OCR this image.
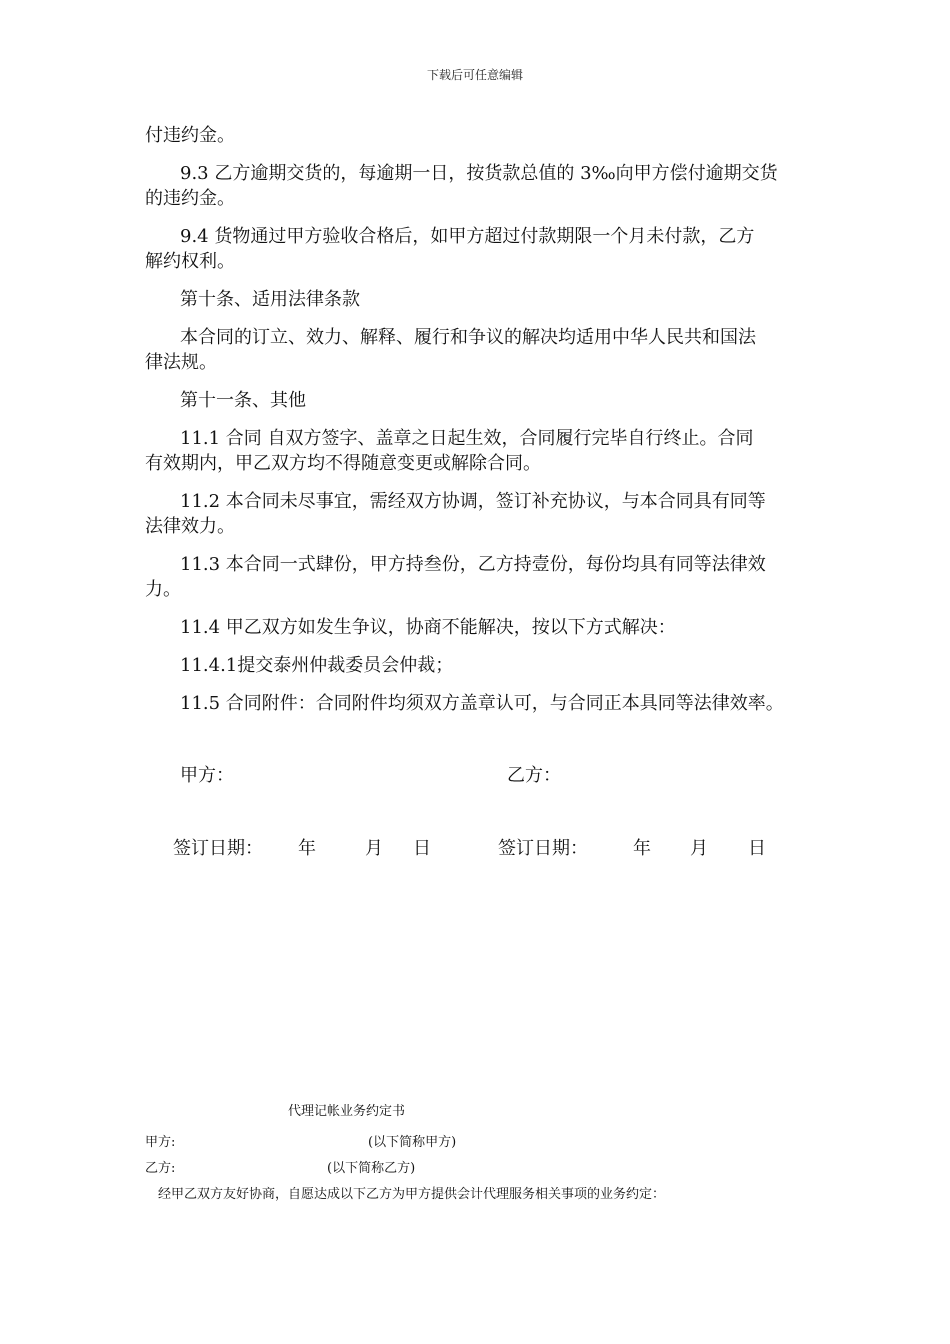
下载后可任意编辑

付违约金。

9.3 乙方逾期交货的，每逾期一日，按货款总值的 3‰向甲方偿付逾期交货

的违约金。

9.4 货物通过甲方验收合格后，如甲方超过付款期限一个月未付款，乙方

解约权利。

第十条、适用法律条款

本合同的订立、效力、解释、履行和争议的解决均适用中华人民共和国法

律法规。

第十一条、其他

11.1 合同 自双方签字、盖章之日起生效，合同履行完毕自行终止。合同

有效期内，甲乙双方均不得随意变更或解除合同。

11.2 本合同未尽事宜，需经双方协调，签订补充协议，与本合同具有同等

法律效力。

11.3 本合同一式肆份，甲方持叁份，乙方持壹份，每份均具有同等法律效

力。

11.4 甲乙双方如发生争议，协商不能解决，按以下方式解决：

11.4.1提交泰州仲裁委员会仲裁；

11.5 合同附件：合同附件均须双方盖章认可，与合同正本具同等法律效率。

甲方：	乙方：
签订日期： 年	月 日	签订日期：	年 月 日
代理记帐业务约定书
甲方:	(以下简称甲方)
乙方:	(以下简称乙方)
经甲乙双方友好协商，自愿达成以下乙方为甲方提供会计代理服务相关事项的业务约定：
